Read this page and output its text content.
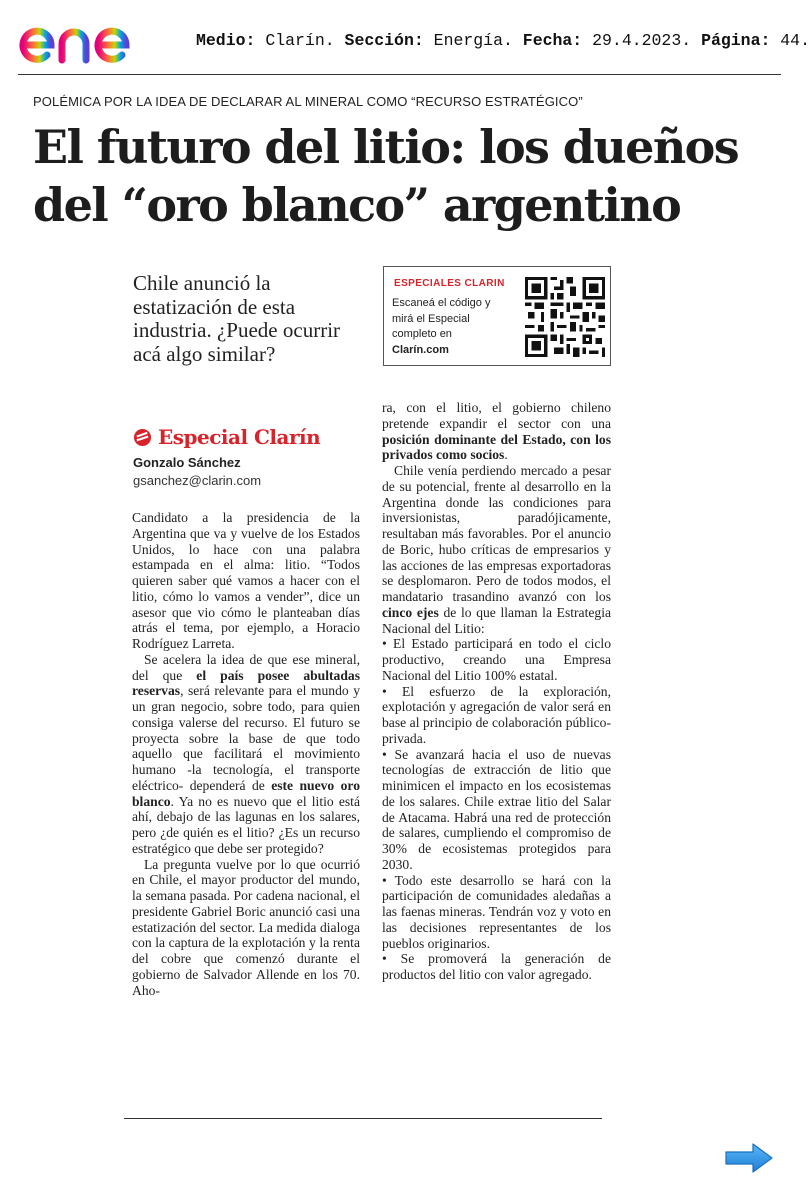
Medio: Clarín. Sección: Energía. Fecha: 29.4.2023. Página: 44.
POLÉMICA POR LA IDEA DE DECLARAR AL MINERAL COMO “RECURSO ESTRATÉGICO”
El futuro del litio: los dueños
del “oro blanco” argentino
Chile anunció la estatización de esta industria. ¿Puede ocurrir acá algo similar?
Especial Clarín
Gonzalo Sánchez
gsanchez@clarin.com
ESPECIALES CLARIN
Escaneá el código y mirá el Especial completo en Clarín.com

Candidato a la presidencia de la Argentina que va y vuelve de los Estados Unidos, lo hace con una palabra estampada en el alma: litio. “Todos quieren saber qué vamos a hacer con el litio, cómo lo vamos a vender”, dice un asesor que vio cómo le planteaban días atrás el tema, por ejemplo, a Horacio Rodríguez Larreta.

Se acelera la idea de que ese mineral, del que el país posee abultadas reservas, será relevante para el mundo y un gran negocio, sobre todo, para quien consiga valerse del recurso. El futuro se proyecta sobre la base de que todo aquello que facilitará el movimiento humano -la tecnología, el transporte eléctrico- dependerá de este nuevo oro blanco. Ya no es nuevo que el litio está ahí, debajo de las lagunas en los salares, pero ¿de quién es el litio? ¿Es un recurso estratégico que debe ser protegido?

La pregunta vuelve por lo que ocurrió en Chile, el mayor productor del mundo, la semana pasada. Por cadena nacional, el presidente Gabriel Boric anunció casi una estatización del sector. La medida dialoga con la captura de la explotación y la renta del cobre que comenzó durante el gobierno de Salvador Allende en los 70. Aho-

ra, con el litio, el gobierno chileno pretende expandir el sector con una posición dominante del Estado, con los privados como socios.

Chile venía perdiendo mercado a pesar de su potencial, frente al desarrollo en la Argentina donde las condiciones para inversionistas, paradójicamente, resultaban más favorables. Por el anuncio de Boric, hubo críticas de empresarios y las acciones de las empresas exportadoras se desplomaron. Pero de todos modos, el mandatario trasandino avanzó con los cinco ejes de lo que llaman la Estrategia Nacional del Litio:

• El Estado participará en todo el ciclo productivo, creando una Empresa Nacional del Litio 100% estatal.

• El esfuerzo de la exploración, explotación y agregación de valor será en base al principio de colaboración público-privada.

• Se avanzará hacia el uso de nuevas tecnologías de extracción de litio que minimicen el impacto en los ecosistemas de los salares. Chile extrae litio del Salar de Atacama. Habrá una red de protección de salares, cumpliendo el compromiso de 30% de ecosistemas protegidos para 2030.

• Todo este desarrollo se hará con la participación de comunidades aledañas a las faenas mineras. Tendrán voz y voto en las decisiones representantes de los pueblos originarios.

• Se promoverá la generación de productos del litio con valor agregado.
